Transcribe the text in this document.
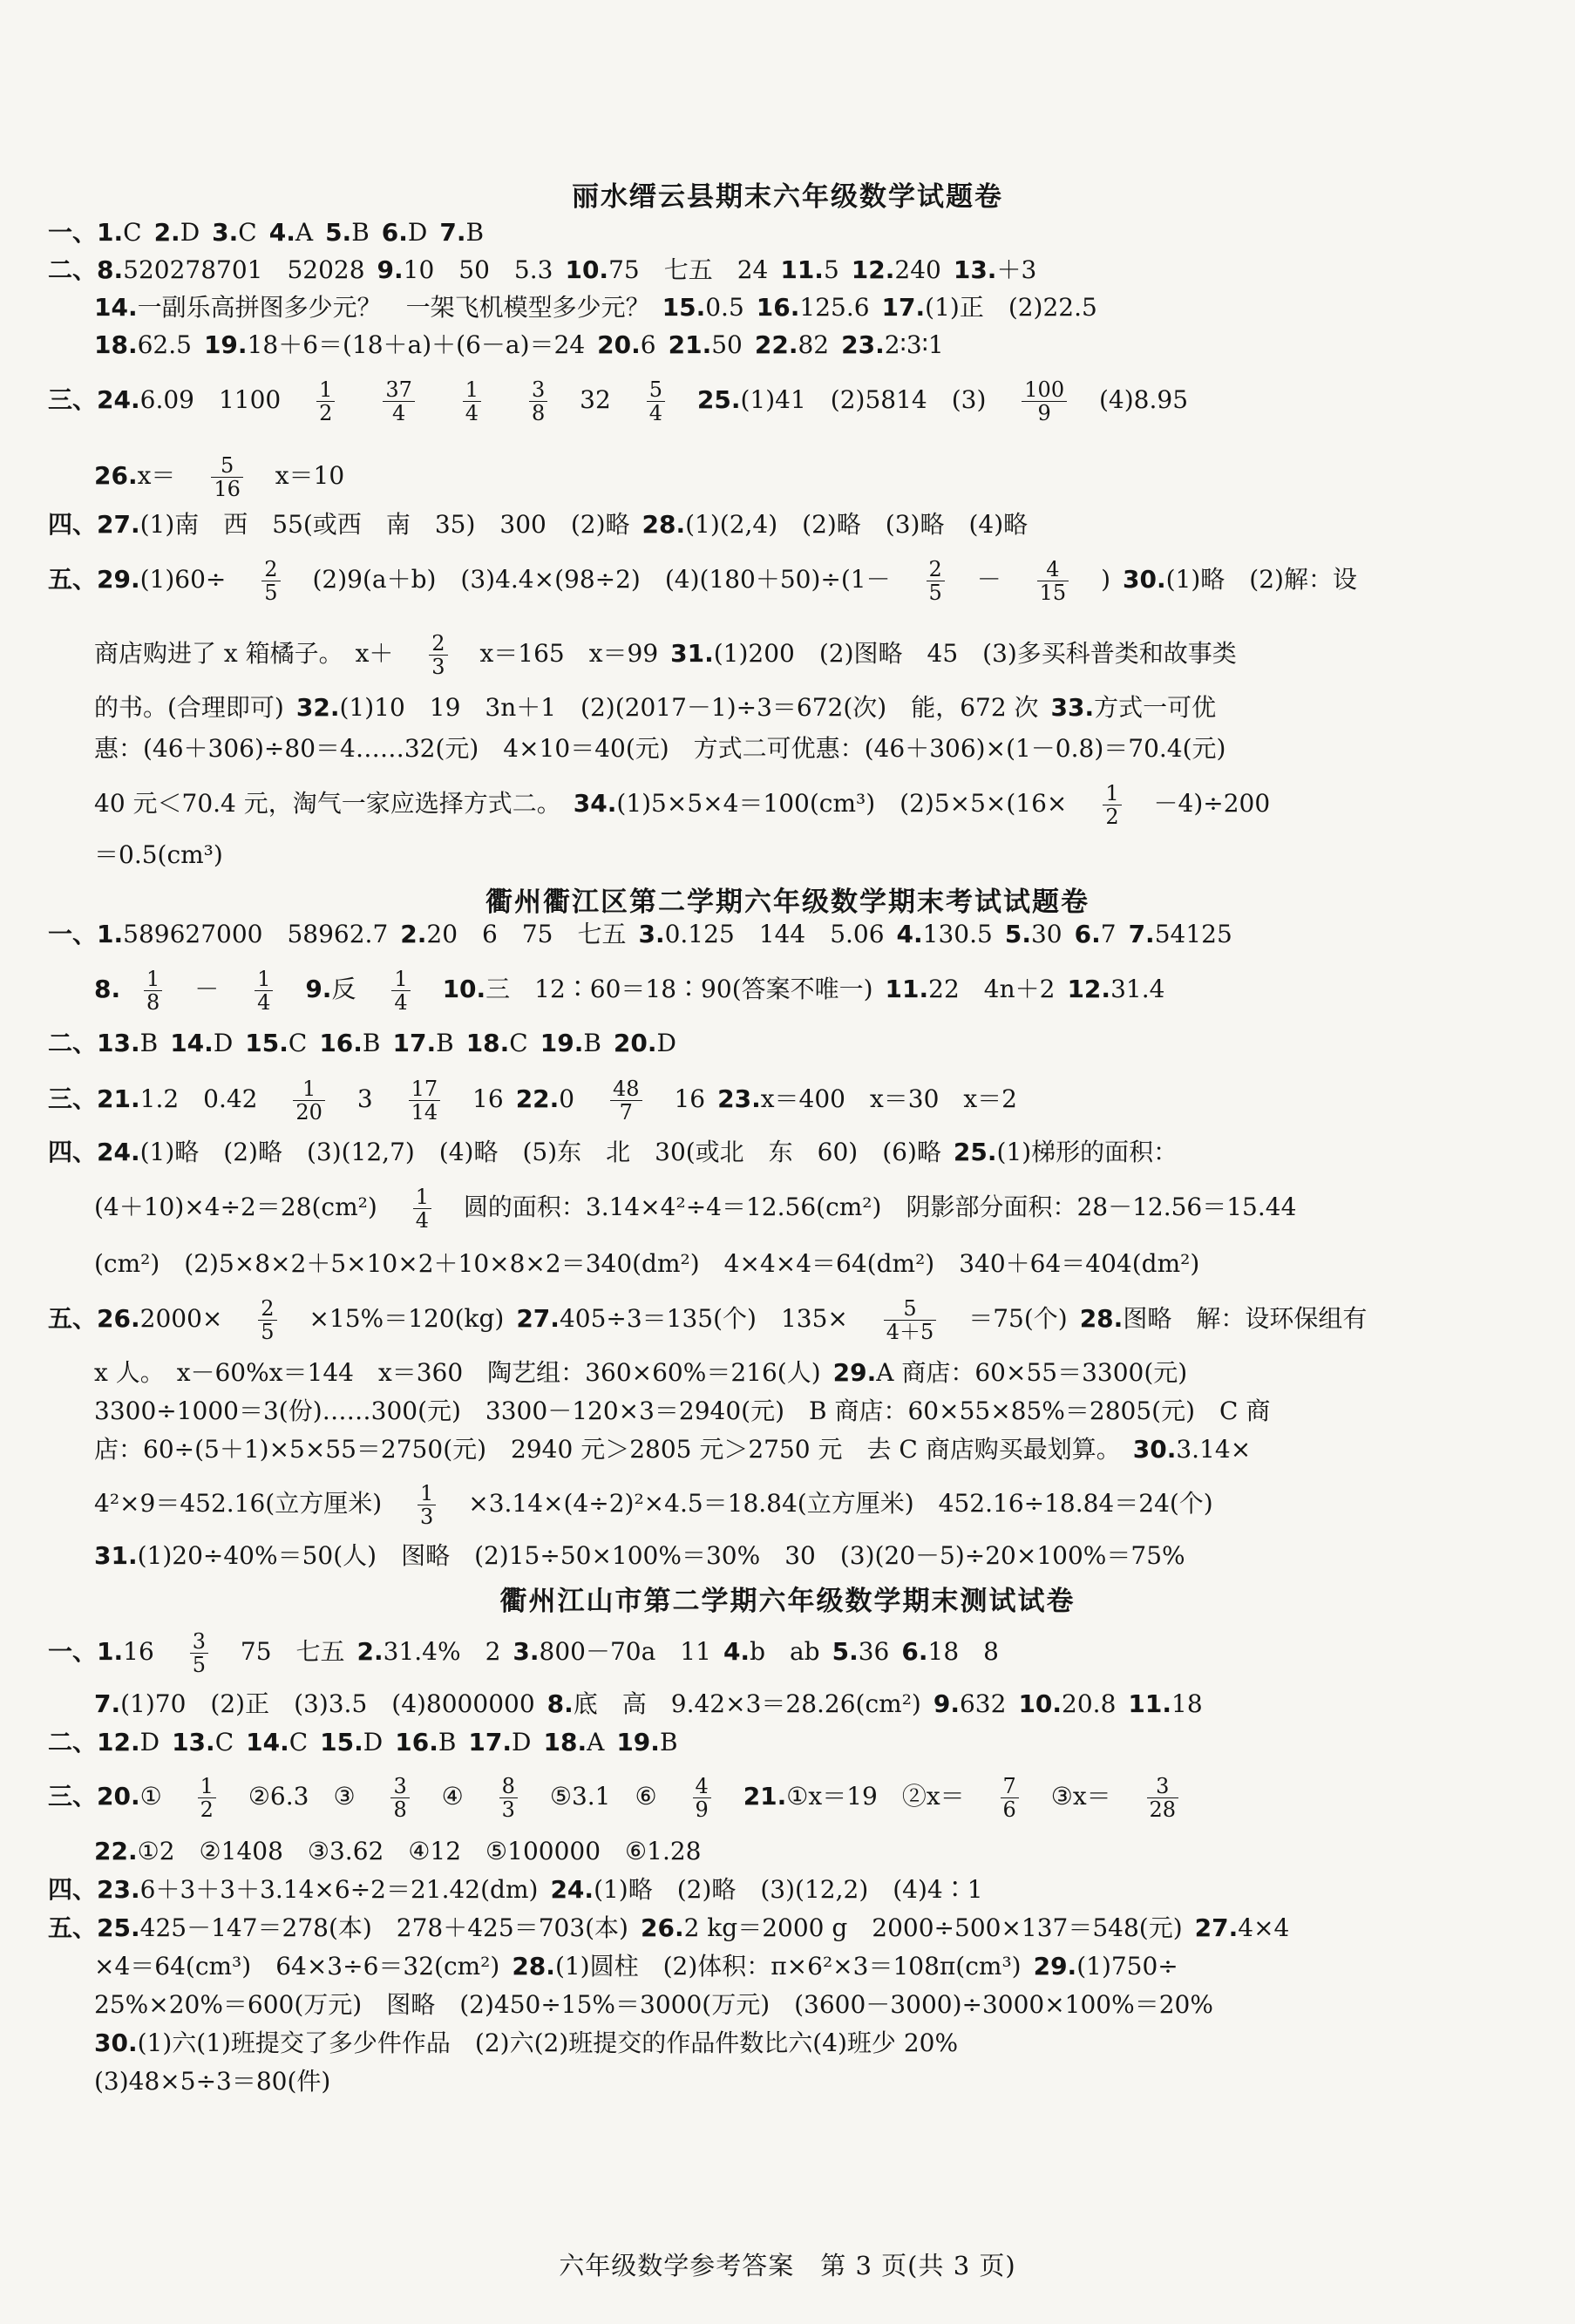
丽水缙云县期末六年级数学试题卷
一、1.C 2.D 3.C 4.A 5.B 6.D 7.B
二、8.520278701　52028 9.10　50　5.3 10.75　七五　24 11.5 12.240 13.＋3
14.一副乐高拼图多少元？　一架飞机模型多少元？ 15.0.5 16.125.6 17.(1)正　(2)22.5
18.62.5 19.18＋6＝(18＋a)＋(6－a)＝24 20.6 21.50 22.82 23.2∶3∶1
三、24.6.09　$1100 \frac{1}{2}$
$\frac{37}{4}$
$\frac{1}{4}$
$\frac{3}{8} 32 \frac{5}{4} 25.(1)41$　(2)5814　$(3) \frac{100}{9} (4)8.95$
$26.x= \frac{5}{16} x=10$
四、27.(1)南　西　55(或西　南　35)　300　(2)略 28.(1)(2,4)　(2)略　(3)略　(4)略
五、$29.(1)60\div \frac{2}{5} (2)9(a+b)$　(3)4.4×(98÷2)　$(4)(180+50)\div(1- \frac{2}{5} - \frac{4}{15}$ ) 30.(1)略　(2)解：设
商店购进了 x 箱橘子。　$x+ \frac{2}{3} x=165$　x＝99 31.(1)200　(2)图略　45　(3)多买科普类和故事类
的书。(合理即可) 32.(1)10　19　3n＋1　(2)(2017－1)÷3＝672(次)　能，672 次 33.方式一可优
惠：(46＋306)÷80＝4……32(元)　4×10＝40(元)　方式二可优惠：(46＋306)×(1－0.8)＝70.4(元)
40 元＜70.4 元，淘气一家应选择方式二。 34.(1)5×5×4＝100(cm³)　$(2)5\times 5\times(16\times \frac{1}{2} -4)\div 200$
＝0.5(cm³)
衢州衢江区第二学期六年级数学期末考试试题卷
一、1.589627000　58962.7 2.20　6　75　七五 3.0.125　144　5.06 4.130.5 5.30 6.7 7.54125
8. $\frac{1}{8} - \frac{1}{4} 9$.反 $\frac{1}{4} 10$.三　12∶60＝18∶90(答案不唯一) 11.22　4n＋2 12.31.4
二、13.B 14.D 15.C 16.B 17.B 18.C 19.B 20.D
三、21.1.2　$0.42 \frac{1}{20} 3 \frac{17}{14} 16$ $22.0 \frac{48}{7} 16$ 23.x＝400　x＝30　x＝2
四、24.(1)略　(2)略　(3)(12,7)　(4)略　(5)东　北　30(或北　东　60)　(6)略 25.(1)梯形的面积：
$(4+10)\times 4\div 2=28(cm^2) \frac{1}{4}$ 圆的面积：3.14×4²÷4＝12.56(cm²)　阴影部分面积：28－12.56＝15.44
(cm²)　(2)5×8×2＋5×10×2＋10×8×2＝340(dm²)　4×4×4＝64(dm²)　340＋64＝404(dm²)
五、$26.2000\times \frac{2}{5} \times 15\%=120(kg)$ 27.405÷3＝135(个)　$135\times \frac{5}{4+5} =75$(个) 28.图略　解：设环保组有
x 人。　x－60%x＝144　x＝360　陶艺组：360×60%＝216(人) 29.A 商店：60×55＝3300(元)
3300÷1000＝3(份)……300(元)　3300－120×3＝2940(元)　B 商店：60×55×85%＝2805(元)　C 商
店：60÷(5＋1)×5×55＝2750(元)　2940 元＞2805 元＞2750 元　去 C 商店购买最划算。 30.3.14×
4²×9＝452.16(立方厘米) $\frac{1}{3} \times 3.14\times(4\div 2)^2\times 4.5=18.84$(立方厘米)　452.16÷18.84＝24(个)
31.(1)20÷40%＝50(人)　图略　(2)15÷50×100%＝30%　30　(3)(20－5)÷20×100%＝75%
衢州江山市第二学期六年级数学期末测试试卷
一、$1.16 \frac{3}{5} 75$　七五 2.31.4%　2 3.800－70a　11 4.b　ab 5.36 6.18　8
7.(1)70　(2)正　(3)3.5　(4)8000000 8.底　高　9.42×3＝28.26(cm²) 9.632 10.20.8 11.18
二、12.D 13.C 14.C 15.D 16.B 17.D 18.A 19.B
三、20.① $\frac{1}{2}$ ②6.3　③ $\frac{3}{8}$ ④ $\frac{8}{3}$ ⑤3.1　⑥ $\frac{4}{9}$ 21.①x＝19　②x＝ $\frac{7}{6}$ ③x＝ $\frac{3}{28}$
22.①2　②1408　③3.62　④12　⑤100000　⑥1.28
四、23.6＋3＋3＋3.14×6÷2＝21.42(dm) 24.(1)略　(2)略　(3)(12,2)　(4)4∶1
五、25.425－147＝278(本)　278＋425＝703(本) 26.2 kg＝2000 g　2000÷500×137＝548(元) 27.4×4
×4＝64(cm³)　64×3÷6＝32(cm²) 28.(1)圆柱　(2)体积：π×6²×3＝108π(cm³) 29.(1)750÷
25%×20%＝600(万元)　图略　(2)450÷15%＝3000(万元)　(3600－3000)÷3000×100%＝20%
30.(1)六(1)班提交了多少件作品　(2)六(2)班提交的作品件数比六(4)班少 20%
(3)48×5÷3＝80(件)
六年级数学参考答案　第 3 页(共 3 页)
